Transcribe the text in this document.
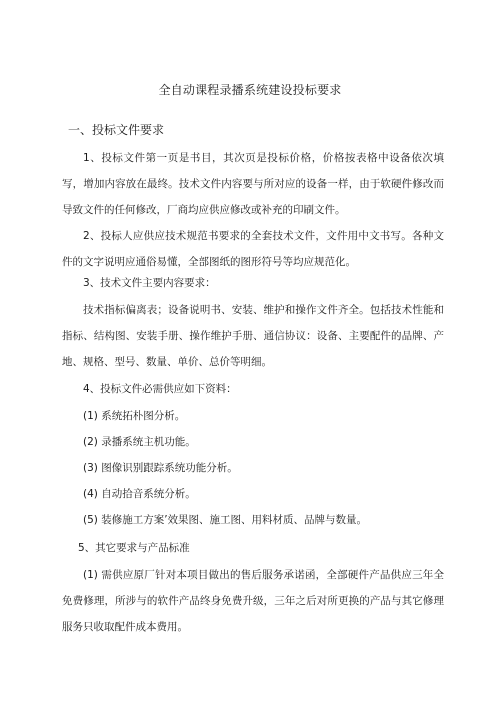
全自动课程录播系统建设投标要求
一、投标文件要求

1、投标文件第一页是书目，其次页是投标价格，价格按表格中设备依次填写，增加内容放在最终。技术文件内容要与所对应的设备一样，由于软硬件修改而导致文件的任何修改，厂商均应供应修改或补充的印刷文件。

2、投标人应供应技术规范书要求的全套技术文件，文件用中文书写。各种文件的文字说明应通俗易懂，全部图纸的图形符号等均应规范化。

3、技术文件主要内容要求：

技术指标偏离表；设备说明书、安装、维护和操作文件齐全。包括技术性能和指标、结构图、安装手册、操作维护手册、通信协议：设备、主要配件的品牌、产地、规格、型号、数量、单价、总价等明细。

4、投标文件必需供应如下资料：
(1) 系统拓朴图分析。
(2) 录播系统主机功能。
(3) 图像识别跟踪系统功能分析。
(4) 自动拾音系统分析。
(5) 装修施工方案’效果图、施工图、用料材质、品牌与数量。
5、其它要求与产品标准

(1) 需供应原厂针对本项目做出的售后服务承诺函，全部硬件产品供应三年全免费修理，所涉与的软件产品终身免费升级，三年之后对所更换的产品与其它修理服务只收取配件成本费用。
